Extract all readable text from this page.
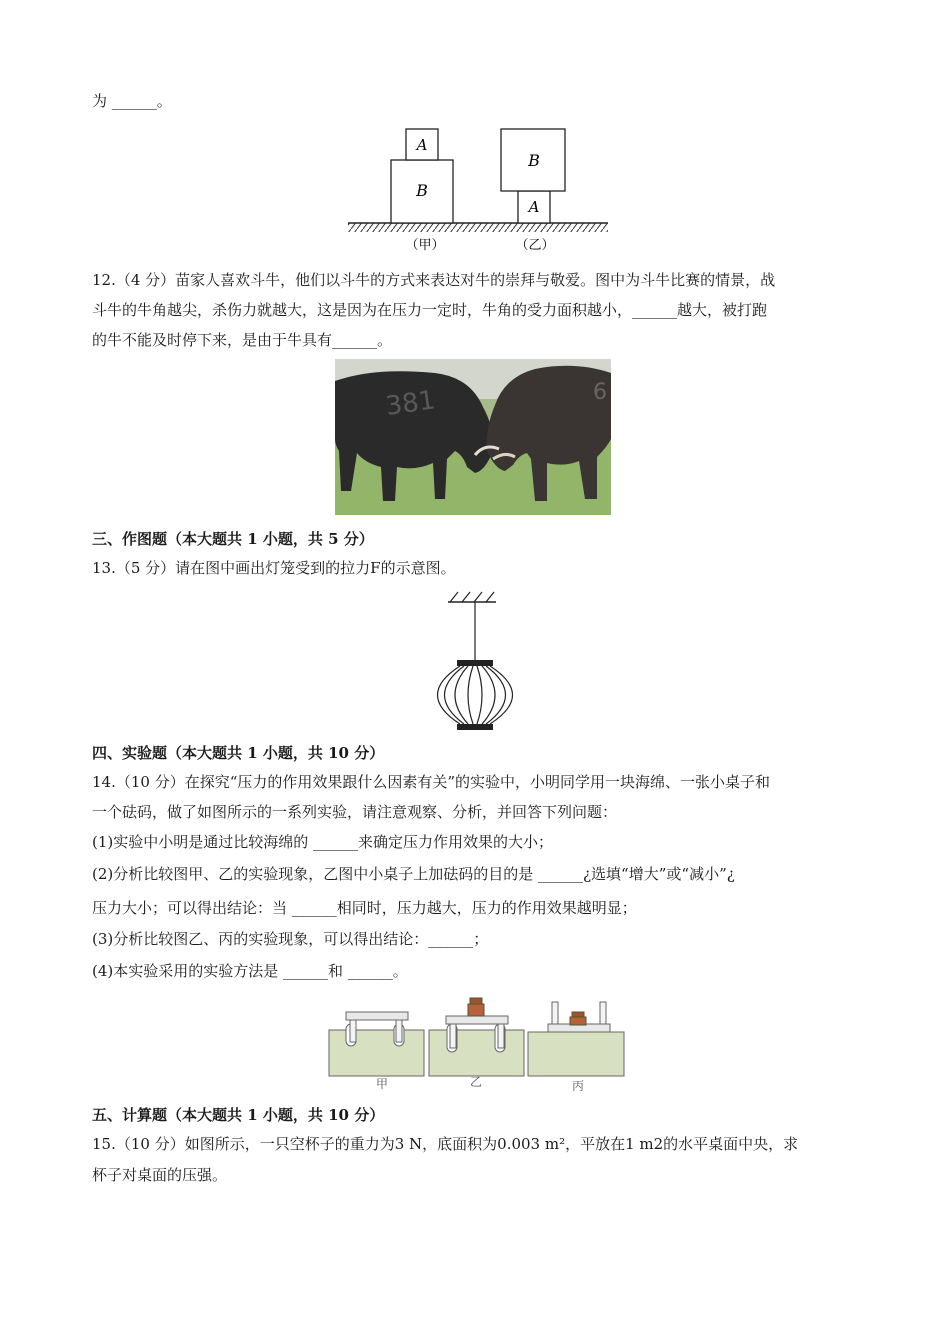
为 ______。
A
B
B
A
（甲）	（乙）
12.（4 分）苗家人喜欢斗牛，他们以斗牛的方式来表达对牛的崇拜与敬爱。图中为斗牛比赛的情景，战
斗牛的牛角越尖，杀伤力就越大，这是因为在压力一定时，牛角的受力面积越小，______越大，被打跑
的牛不能及时停下来，是由于牛具有______。
381	6
三、作图题（本大题共 1 小题，共 5 分）
13.（5 分）请在图中画出灯笼受到的拉力F的示意图。
四、实验题（本大题共 1 小题，共 10 分）
14.（10 分）在探究“压力的作用效果跟什么因素有关”的实验中，小明同学用一块海绵、一张小桌子和
一个砝码，做了如图所示的一系列实验，请注意观察、分析，并回答下列问题：
(1)实验中小明是通过比较海绵的 ______来确定压力作用效果的大小；
(2)分析比较图甲、乙的实验现象，乙图中小桌子上加砝码的目的是 ______¿选填“增大”或“减小”¿
压力大小；可以得出结论：当 ______相同时，压力越大，压力的作用效果越明显；
(3)分析比较图乙、丙的实验现象，可以得出结论：______；
(4)本实验采用的实验方法是 ______和 ______。
甲	乙	丙
五、计算题（本大题共 1 小题，共 10 分）
15.（10 分）如图所示，一只空杯子的重力为3 N，底面积为0.003 m²，平放在1 m2的水平桌面中央，求
杯子对桌面的压强。
